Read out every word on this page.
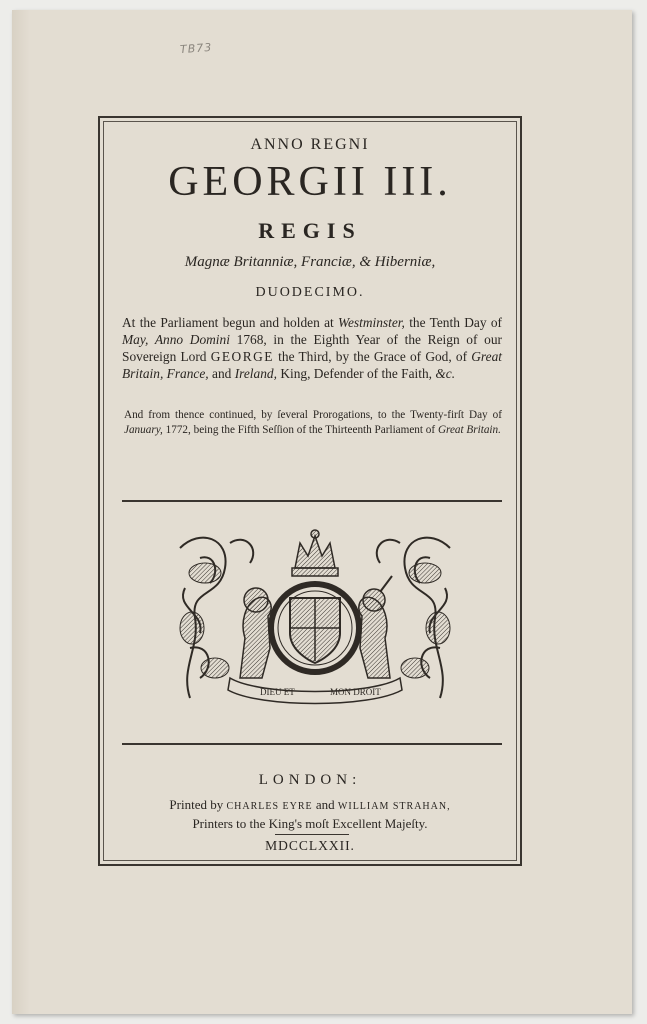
TB73

ANNO REGNI

GEORGII III.

REGIS

Magnæ Britanniæ, Franciæ, & Hiberniæ,

DUODECIMO.

At the Parliament begun and holden at Westminster, the Tenth Day of May, Anno Domini 1768, in the Eighth Year of the Reign of our Sovereign Lord GEORGE the Third, by the Grace of God, of Great Britain, France, and Ireland, King, Defender of the Faith, &c.
And from thence continued, by ſeveral Prorogations, to the Twenty-firſt Day of January, 1772, being the Fifth Seſſion of the Thirteenth Parliament of Great Britain.
DIEU ET	MON DROIT

LONDON:

Printed by CHARLES EYRE and WILLIAM STRAHAN,
Printers to the King's moſt Excellent Majeſty.

MDCCLXXII.
